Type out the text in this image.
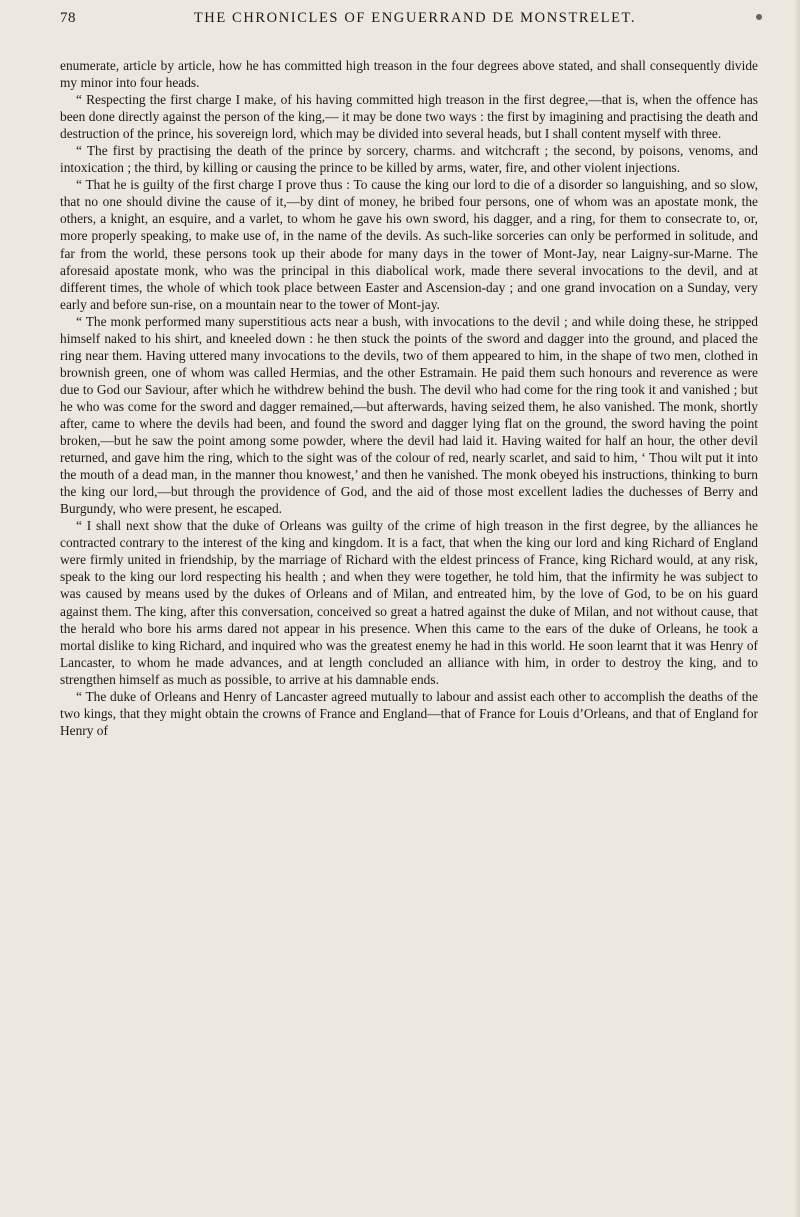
78	THE CHRONICLES OF ENGUERRAND DE MONSTRELET.

enumerate, article by article, how he has committed high treason in the four degrees above stated, and shall consequently divide my minor into four heads.

“ Respecting the first charge I make, of his having committed high treason in the first degree,—that is, when the offence has been done directly against the person of the king,— it may be done two ways : the first by imagining and practising the death and destruction of the prince, his sovereign lord, which may be divided into several heads, but I shall content myself with three.

“ The first by practising the death of the prince by sorcery, charms. and witchcraft ; the second, by poisons, venoms, and intoxication ; the third, by killing or causing the prince to be killed by arms, water, fire, and other violent injections.

“ That he is guilty of the first charge I prove thus : To cause the king our lord to die of a disorder so languishing, and so slow, that no one should divine the cause of it,—by dint of money, he bribed four persons, one of whom was an apostate monk, the others, a knight, an esquire, and a varlet, to whom he gave his own sword, his dagger, and a ring, for them to consecrate to, or, more properly speaking, to make use of, in the name of the devils. As such-like sorceries can only be performed in solitude, and far from the world, these persons took up their abode for many days in the tower of Mont-Jay, near Laigny-sur-Marne. The aforesaid apostate monk, who was the principal in this diabolical work, made there several invocations to the devil, and at different times, the whole of which took place between Easter and Ascension-day ; and one grand invocation on a Sunday, very early and before sun-rise, on a mountain near to the tower of Mont-jay.

“ The monk performed many superstitious acts near a bush, with invocations to the devil ; and while doing these, he stripped himself naked to his shirt, and kneeled down : he then stuck the points of the sword and dagger into the ground, and placed the ring near them. Having uttered many invocations to the devils, two of them appeared to him, in the shape of two men, clothed in brownish green, one of whom was called Hermias, and the other Estramain. He paid them such honours and reverence as were due to God our Saviour, after which he withdrew behind the bush. The devil who had come for the ring took it and vanished ; but he who was come for the sword and dagger remained,—but afterwards, having seized them, he also vanished. The monk, shortly after, came to where the devils had been, and found the sword and dagger lying flat on the ground, the sword having the point broken,—but he saw the point among some powder, where the devil had laid it. Having waited for half an hour, the other devil returned, and gave him the ring, which to the sight was of the colour of red, nearly scarlet, and said to him, ‘ Thou wilt put it into the mouth of a dead man, in the manner thou knowest,’ and then he vanished. The monk obeyed his instructions, thinking to burn the king our lord,—but through the providence of God, and the aid of those most excellent ladies the duchesses of Berry and Burgundy, who were present, he escaped.

“ I shall next show that the duke of Orleans was guilty of the crime of high treason in the first degree, by the alliances he contracted contrary to the interest of the king and kingdom. It is a fact, that when the king our lord and king Richard of England were firmly united in friendship, by the marriage of Richard with the eldest princess of France, king Richard would, at any risk, speak to the king our lord respecting his health ; and when they were together, he told him, that the infirmity he was subject to was caused by means used by the dukes of Orleans and of Milan, and entreated him, by the love of God, to be on his guard against them. The king, after this conversation, conceived so great a hatred against the duke of Milan, and not without cause, that the herald who bore his arms dared not appear in his presence. When this came to the ears of the duke of Orleans, he took a mortal dislike to king Richard, and inquired who was the greatest enemy he had in this world. He soon learnt that it was Henry of Lancaster, to whom he made advances, and at length concluded an alliance with him, in order to destroy the king, and to strengthen himself as much as possible, to arrive at his damnable ends.

“ The duke of Orleans and Henry of Lancaster agreed mutually to labour and assist each other to accomplish the deaths of the two kings, that they might obtain the crowns of France and England—that of France for Louis d’Orleans, and that of England for Henry of
